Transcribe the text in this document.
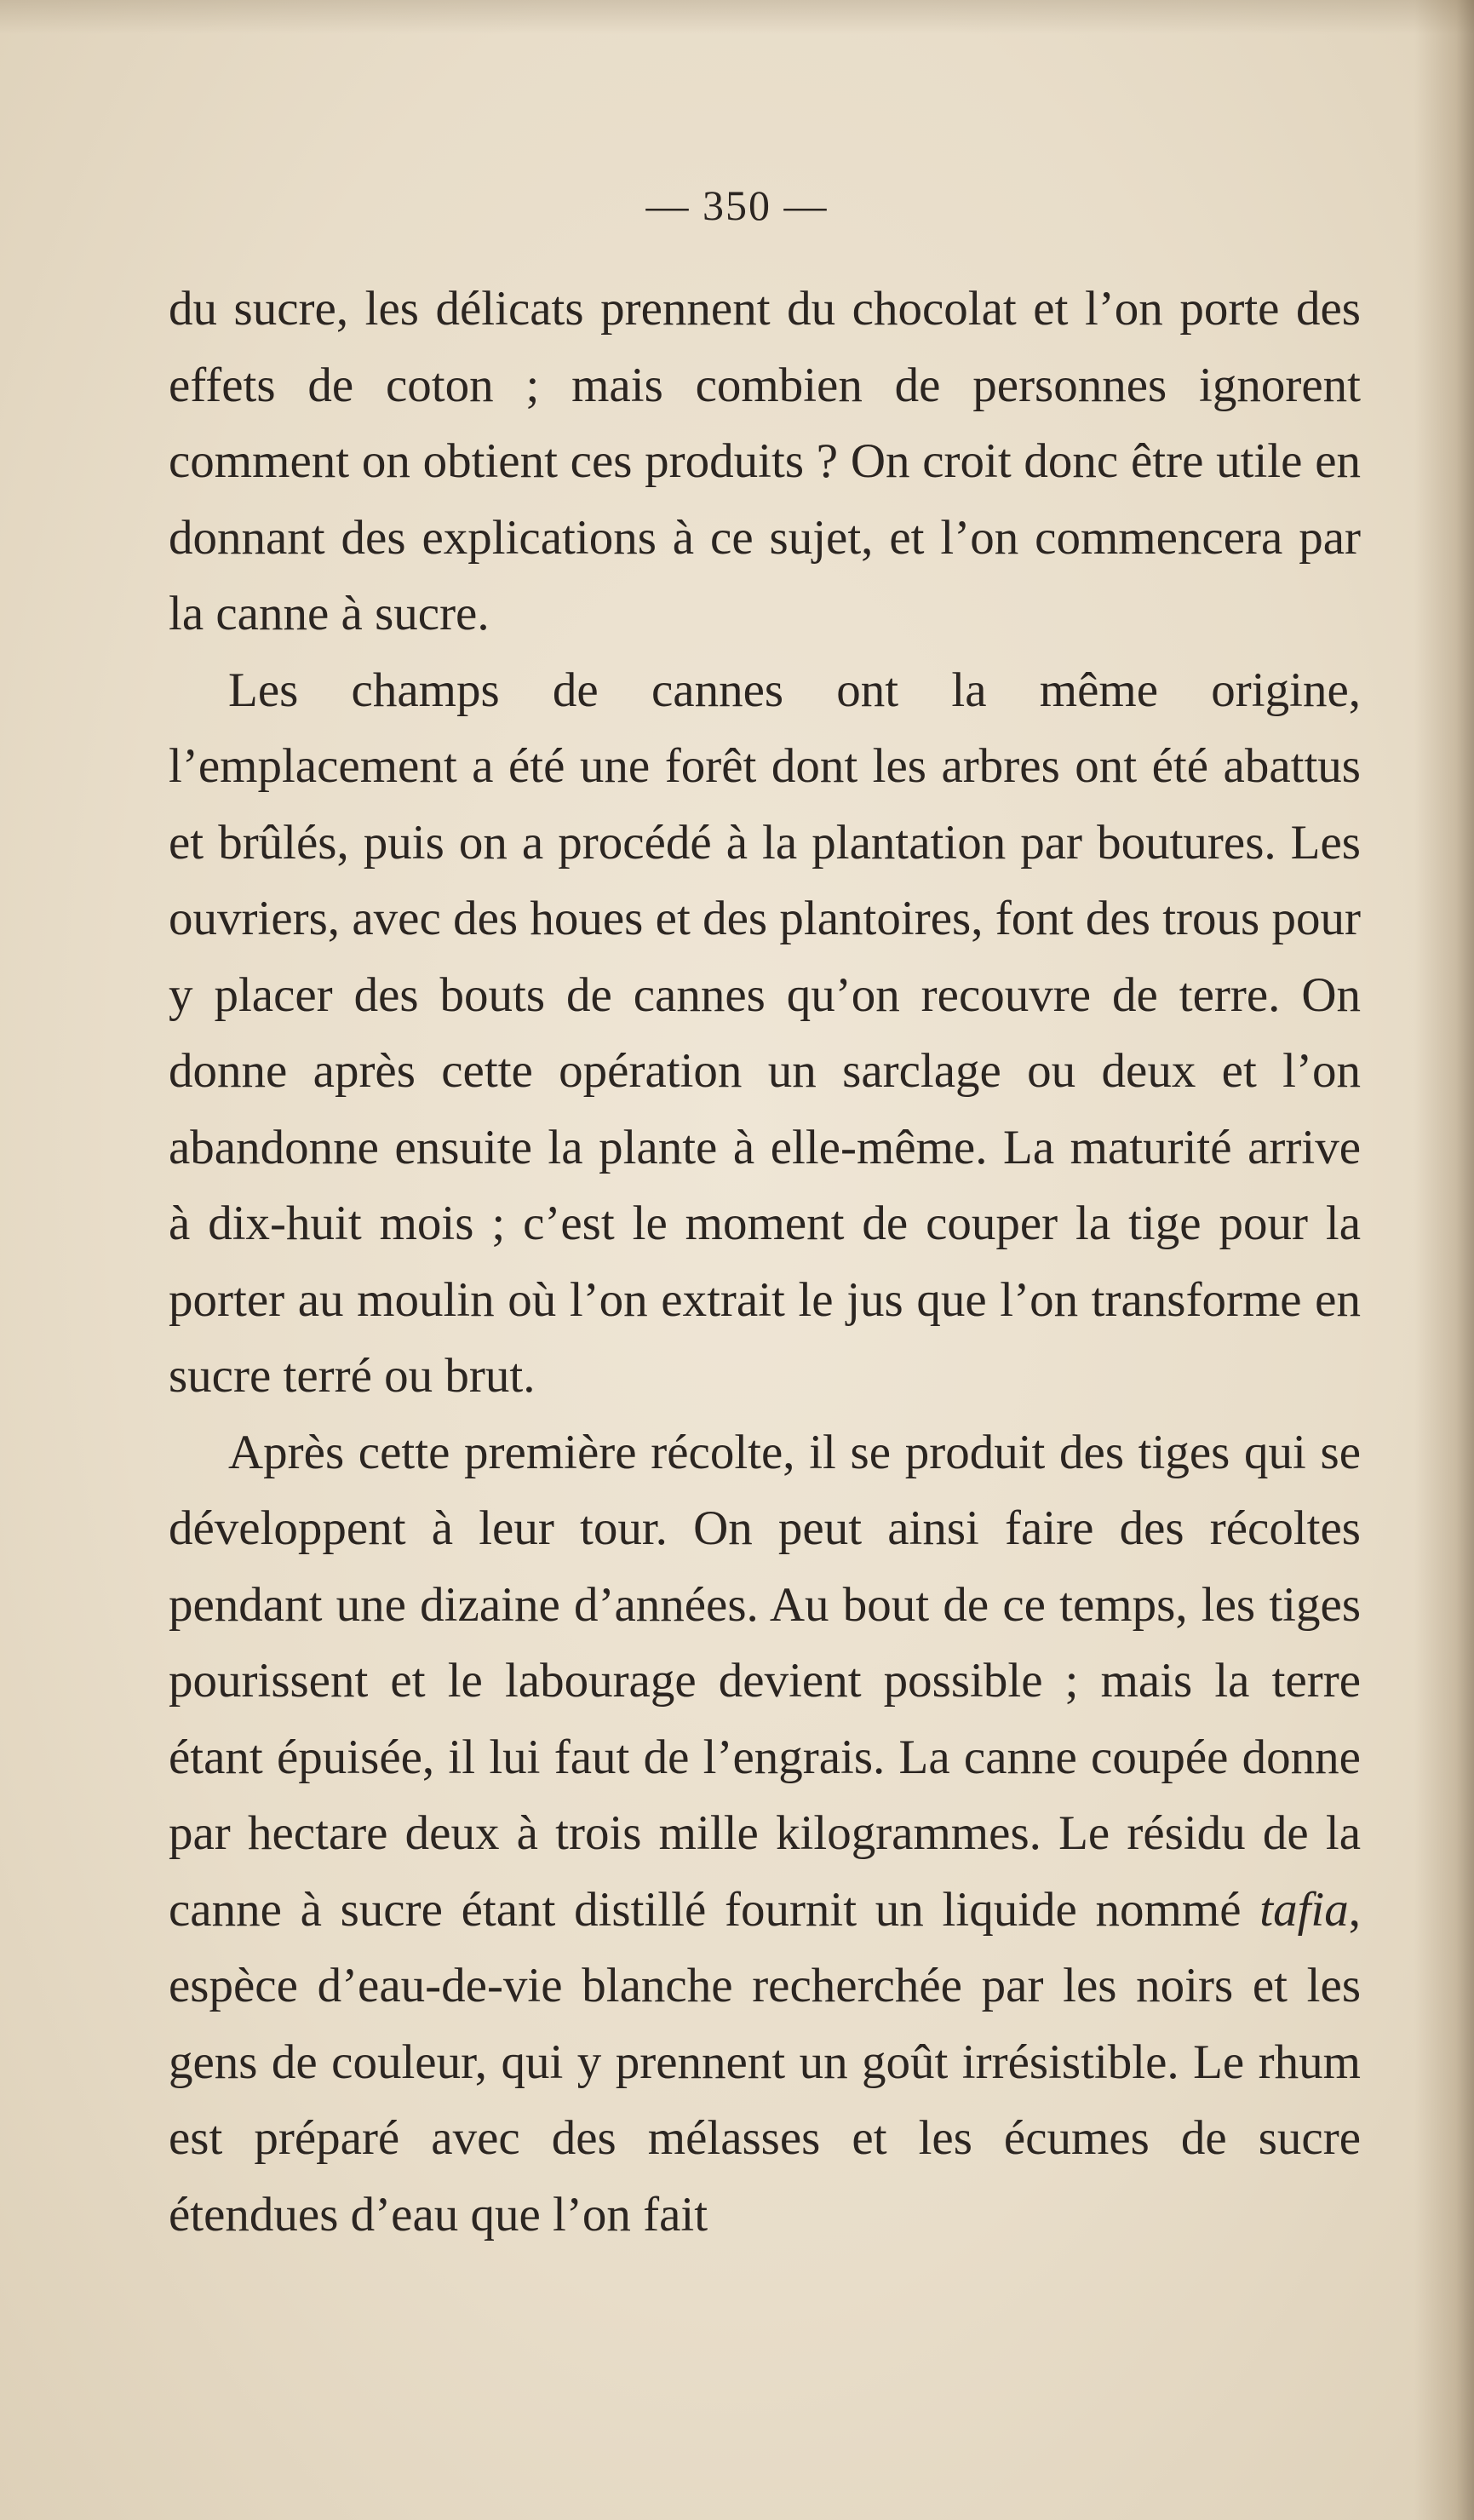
— 350 —

du sucre, les délicats prennent du chocolat et l’on porte des effets de coton ; mais combien de personnes ignorent comment on obtient ces produits ? On croit donc être utile en donnant des explications à ce sujet, et l’on commencera par la canne à sucre.

Les champs de cannes ont la même origine, l’emplacement a été une forêt dont les arbres ont été abattus et brûlés, puis on a procédé à la plantation par boutures. Les ouvriers, avec des houes et des plantoires, font des trous pour y placer des bouts de cannes qu’on recouvre de terre. On donne après cette opération un sarclage ou deux et l’on abandonne ensuite la plante à elle-même. La maturité arrive à dix-huit mois ; c’est le moment de couper la tige pour la porter au moulin où l’on extrait le jus que l’on transforme en sucre terré ou brut.

Après cette première récolte, il se produit des tiges qui se développent à leur tour. On peut ainsi faire des récoltes pendant une dizaine d’années. Au bout de ce temps, les tiges pourissent et le labourage devient possible ; mais la terre étant épuisée, il lui faut de l’engrais. La canne coupée donne par hectare deux à trois mille kilogrammes. Le résidu de la canne à sucre étant distillé fournit un liquide nommé tafia, espèce d’eau-de-vie blanche recherchée par les noirs et les gens de couleur, qui y prennent un goût irrésistible. Le rhum est préparé avec des mélasses et les écumes de sucre étendues d’eau que l’on fait
